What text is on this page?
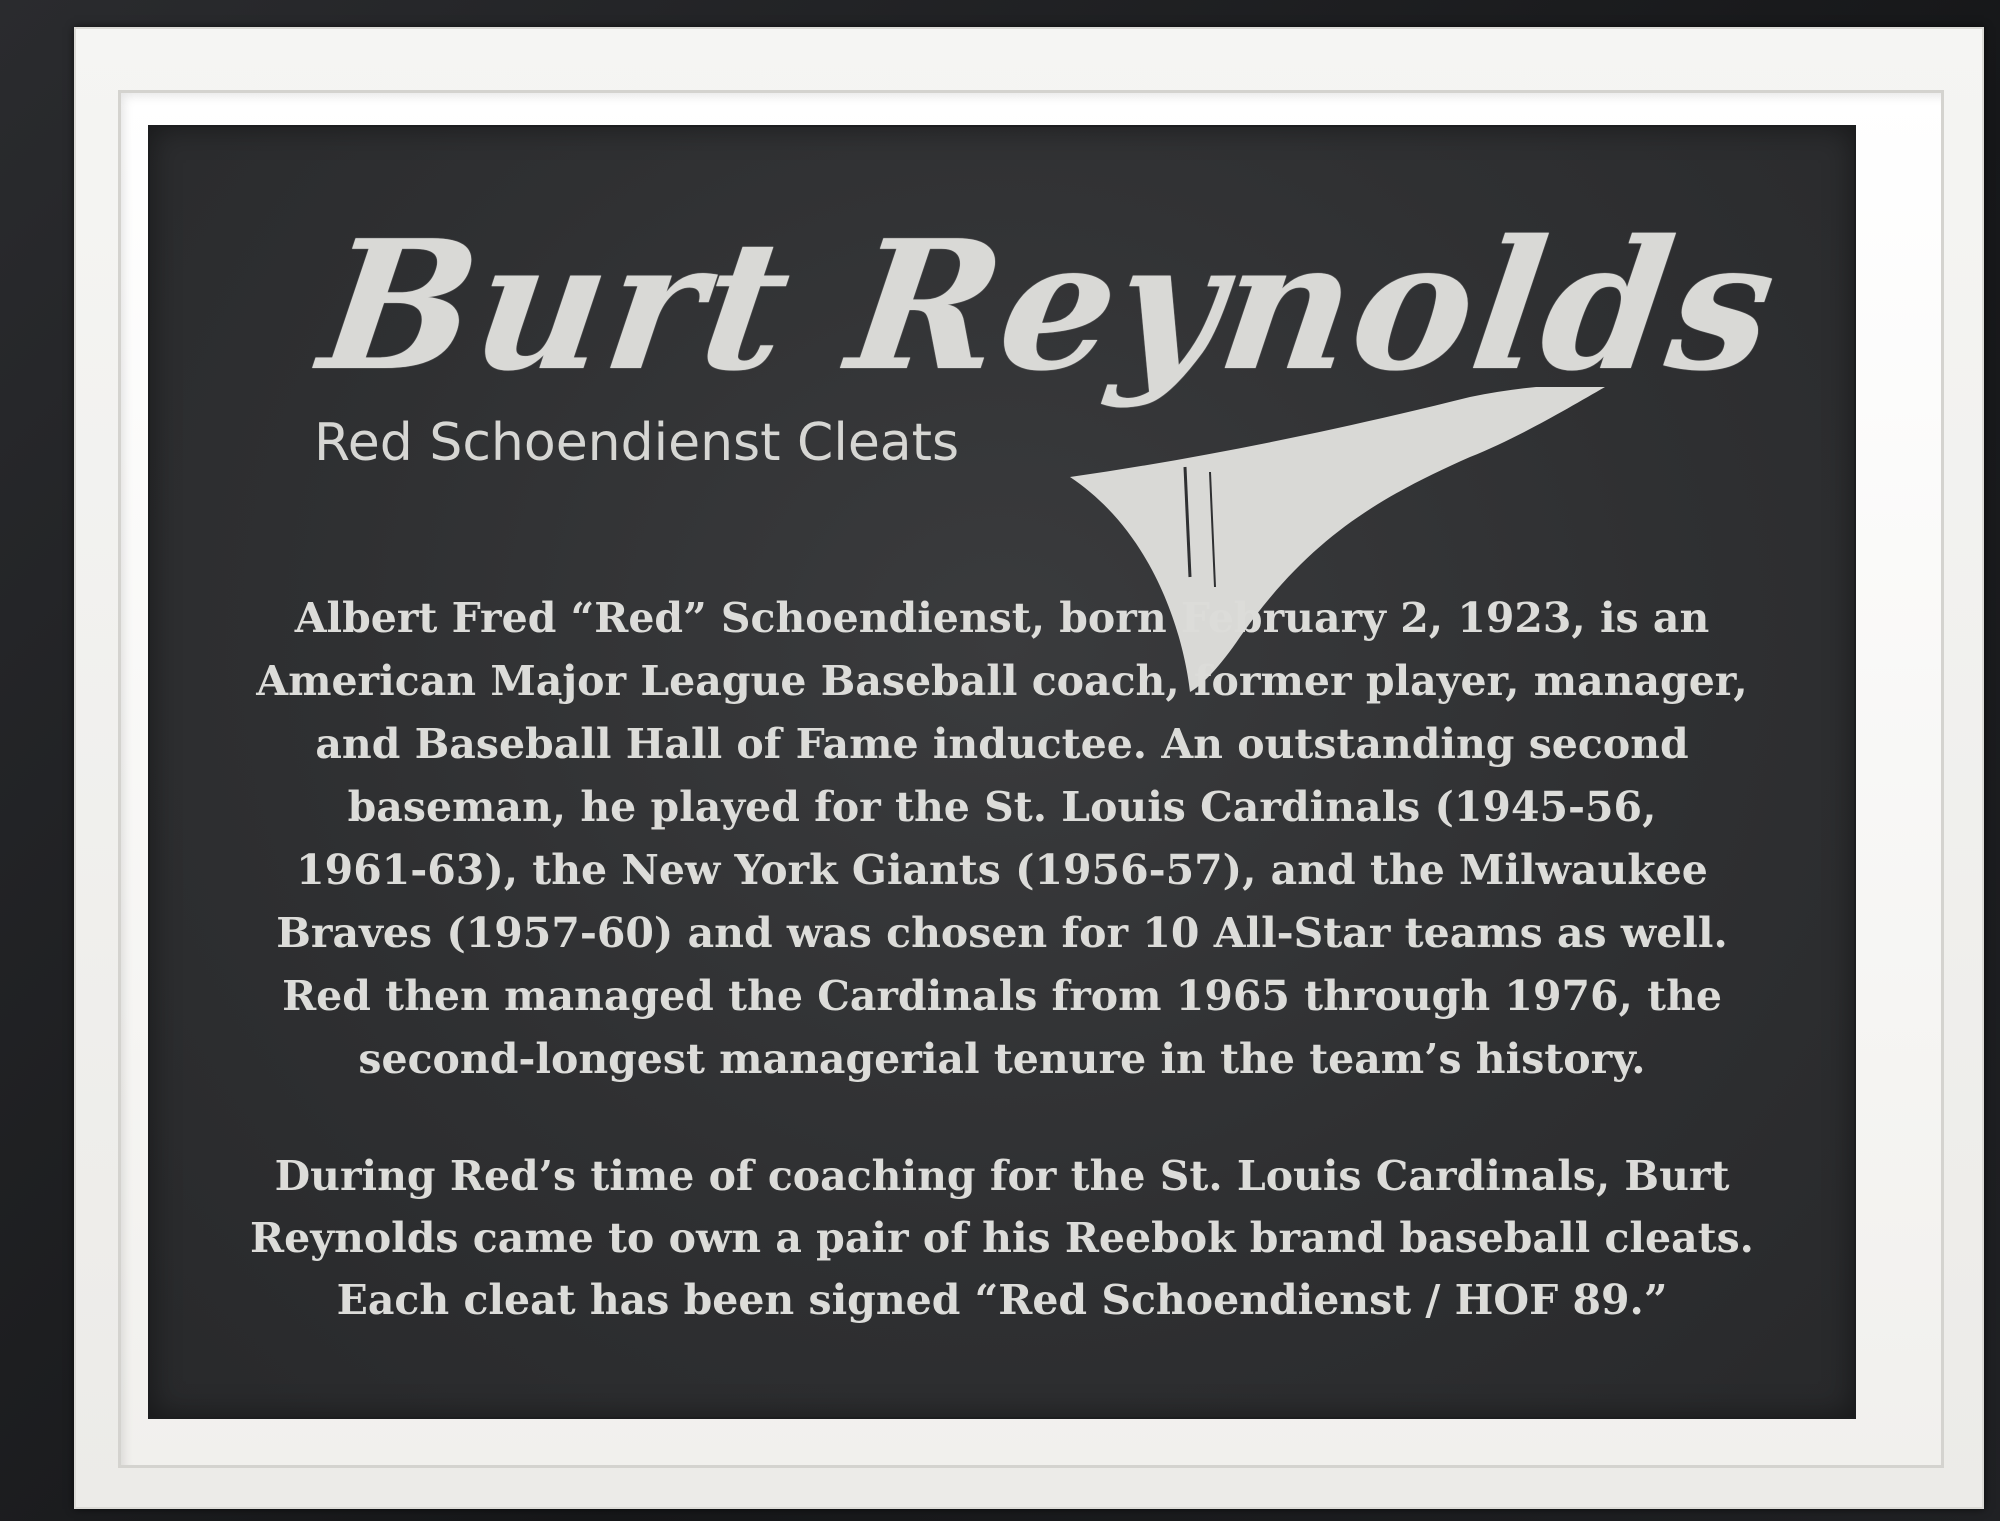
Burt Reynolds
Red Schoendienst Cleats

Albert Fred “Red” Schoendienst, born February 2, 1923, is an
American Major League Baseball coach, former player, manager,
and Baseball Hall of Fame inductee. An outstanding second
baseman, he played for the St. Louis Cardinals (1945-56,
1961-63), the New York Giants (1956-57), and the Milwaukee
Braves (1957-60) and was chosen for 10 All-Star teams as well.
Red then managed the Cardinals from 1965 through 1976, the
second-longest managerial tenure in the team’s history.

During Red’s time of coaching for the St. Louis Cardinals, Burt
Reynolds came to own a pair of his Reebok brand baseball cleats.
Each cleat has been signed “Red Schoendienst / HOF 89.”
